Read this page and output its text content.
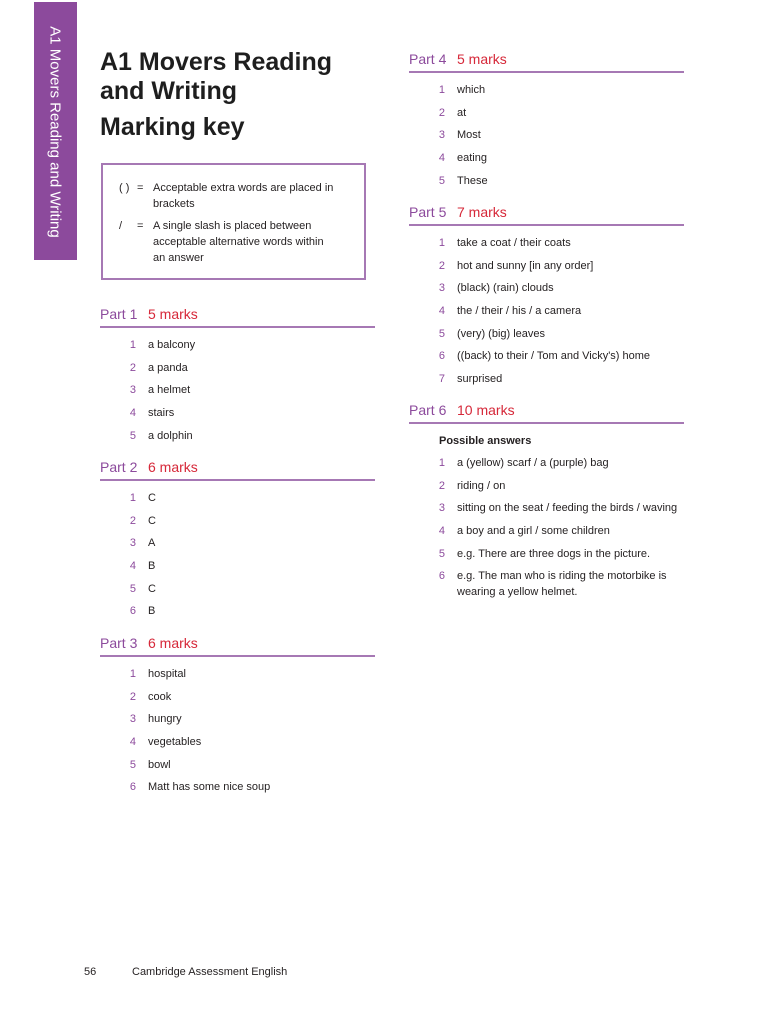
A1 Movers Reading and Writing A1 Movers Reading
and Writing
Marking key
( ) = Acceptable extra words are placed in brackets
/	= A single slash is placed between acceptable alternative words within an answer
Part 1 5 marks
1 a balcony
2 a panda
3 a helmet
4 stairs
5 a dolphin
Part 2 6 marks
1 C
2 C
3 A
4 B
5 C
6 B
Part 3 6 marks
1 hospital
2 cook
3 hungry
4 vegetables
5 bowl
6 Matt has some nice soup
Part 4 5 marks
1 which
2 at
3 Most
4 eating
5 These
Part 5 7 marks
1 take a coat / their coats
2 hot and sunny [in any order]
3 (black) (rain) clouds
4 the / their / his / a camera
5 (very) (big) leaves
6 ((back) to their / Tom and Vicky's) home
7 surprised
Part 6 10 marks

Possible answers

1 a (yellow) scarf / a (purple) bag
2 riding / on
3 sitting on the seat / feeding the birds / waving
4 a boy and a girl / some children
5 e.g. There are three dogs in the picture.
6 e.g. The man who is riding the motorbike is wearing a yellow helmet.
56	Cambridge Assessment English
